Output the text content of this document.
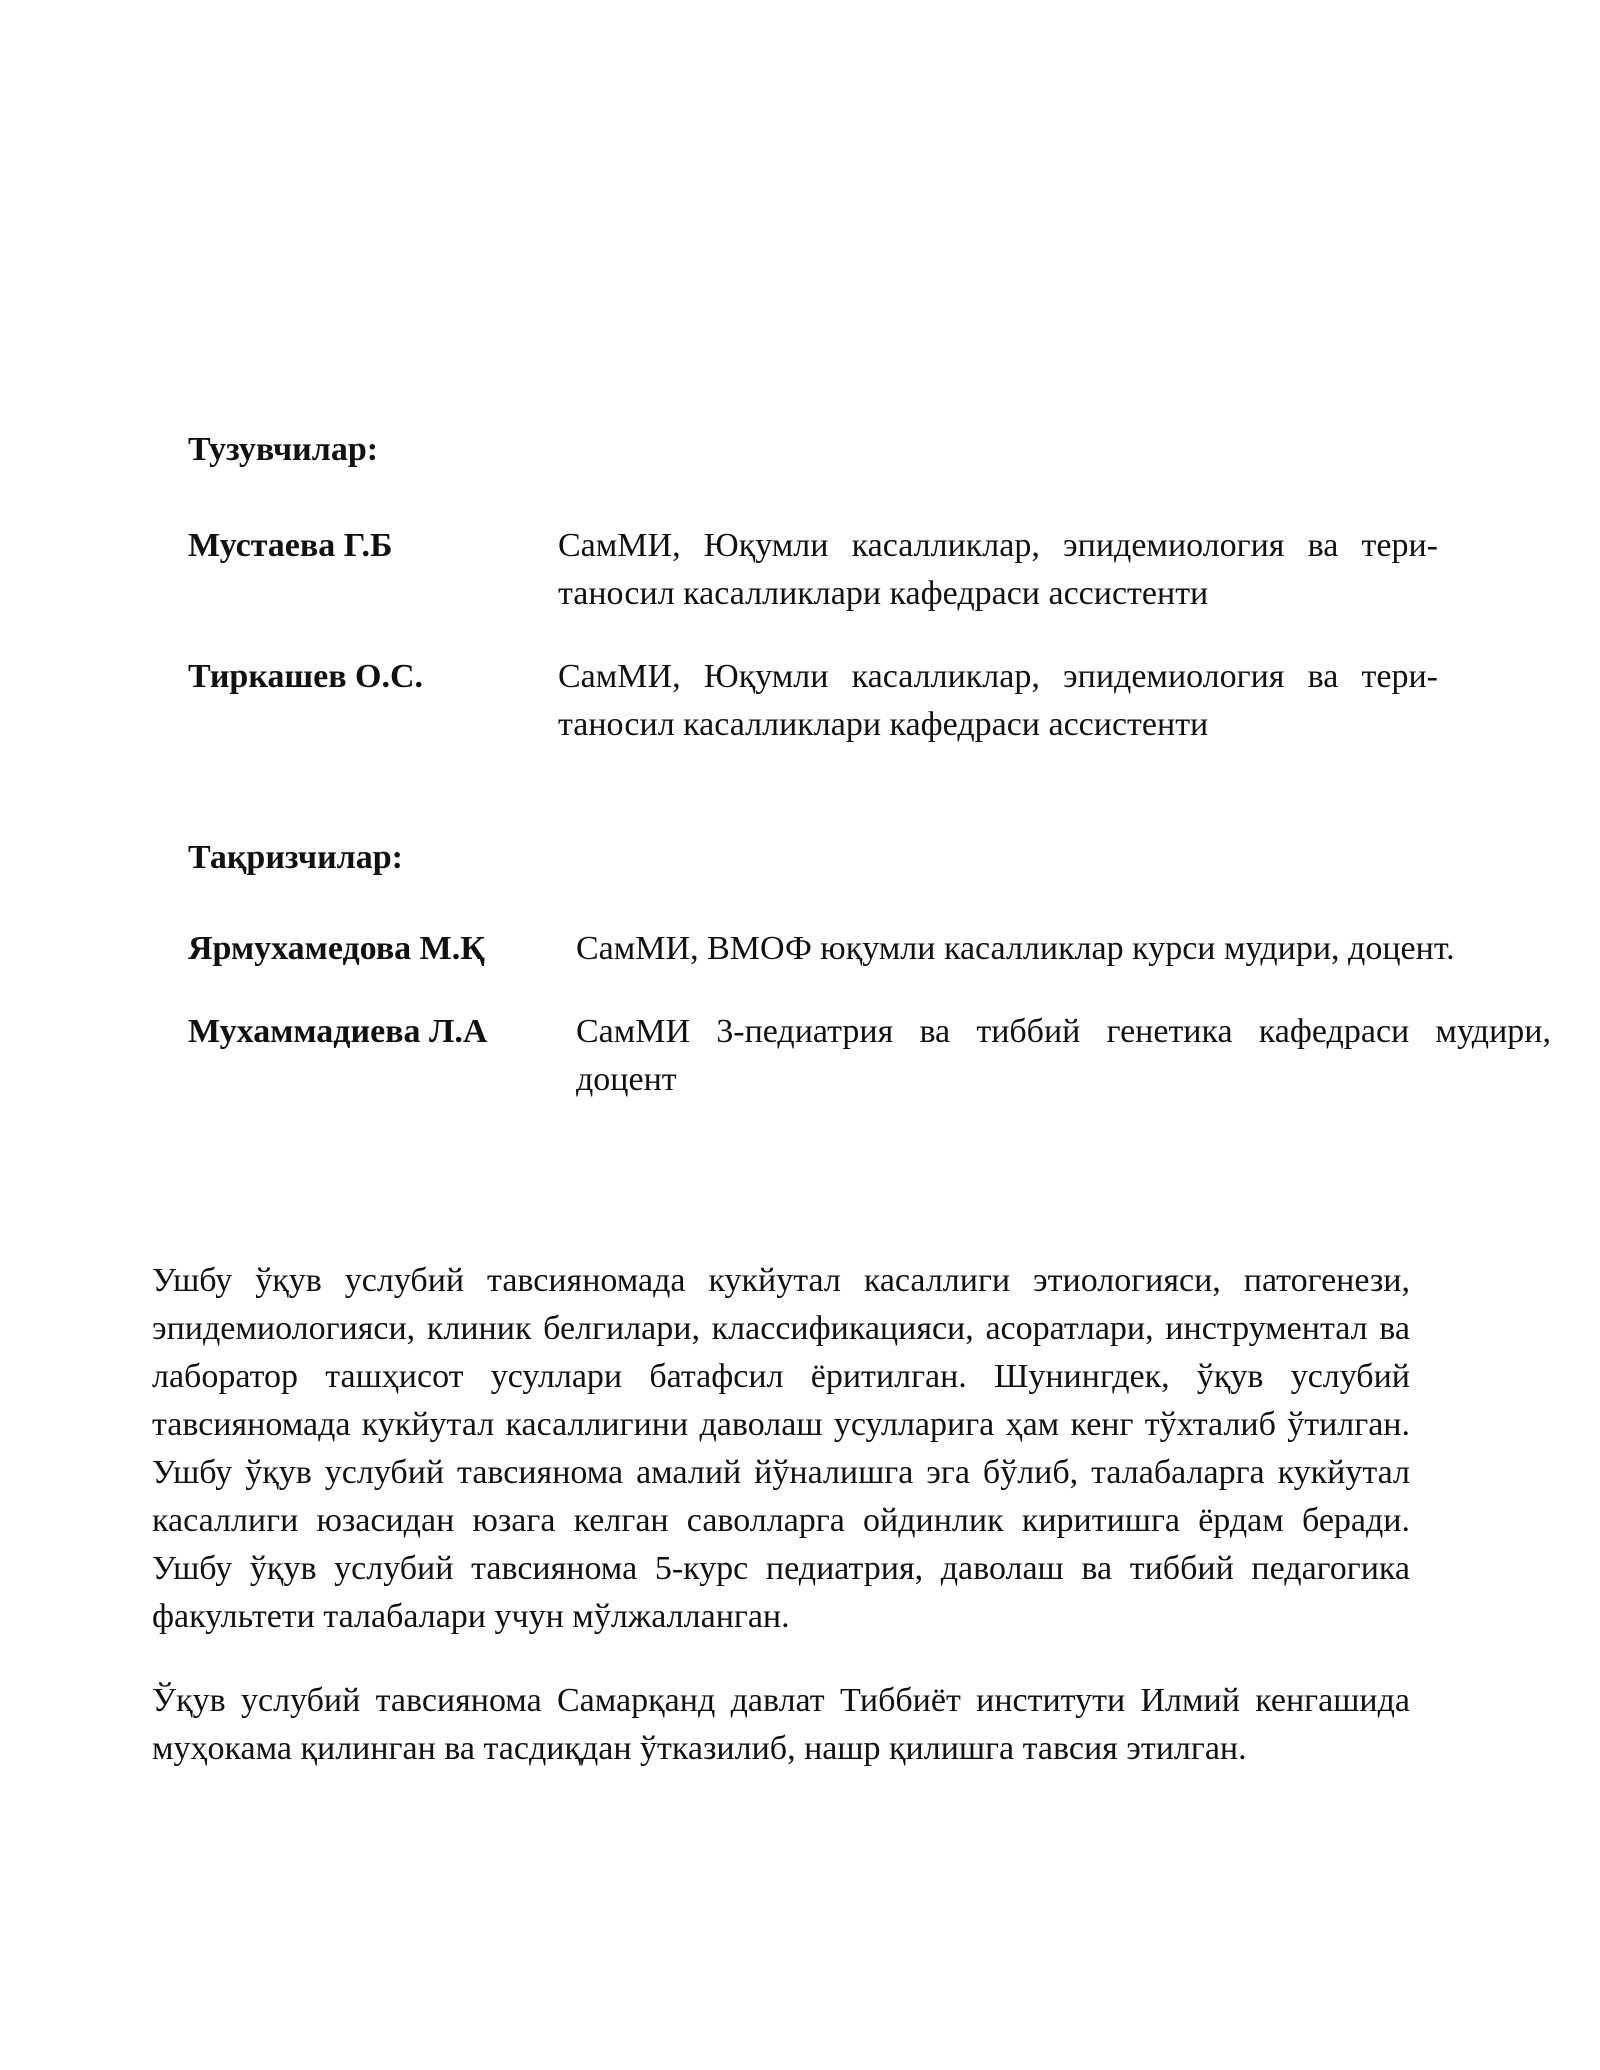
Тузувчилар:
Мустаева Г.Б	СамМИ, Юқумли касалликлар, эпидемиология ва тери-таносил касалликлари кафедраси ассистенти
Тиркашев О.С.	СамМИ, Юқумли касалликлар, эпидемиология ва тери-таносил касалликлари кафедраси ассистенти
Тақризчилар:
Ярмухамедова М.Қ	СамМИ, ВМОФ юқумли касалликлар курси мудири, доцент.
Мухаммадиева Л.А	СамМИ 3-педиатрия ва тиббий генетика кафедраси мудири, доцент

Ушбу ўқув услубий тавсияномада кукйутал касаллиги этиологияси, патогенези, эпидемиологияси, клиник белгилари, классификацияси, асоратлари, инструментал ва лаборатор ташҳисот усуллари батафсил ёритилган. Шунингдек, ўқув услубий тавсияномада кукйутал касаллигини даволаш усулларига ҳам кенг тўхталиб ўтилган. Ушбу ўқув услубий тавсиянома амалий йўналишга эга бўлиб, талабаларга кукйутал касаллиги юзасидан юзага келган саволларга ойдинлик киритишга ёрдам беради. Ушбу ўқув услубий тавсиянома 5-курс педиатрия, даволаш ва тиббий педагогика факультети талабалари учун мўлжалланган.

Ўқув услубий тавсиянома Самарқанд давлат Тиббиёт институти Илмий кенгашида муҳокама қилинган ва тасдиқдан ўтказилиб, нашр қилишга тавсия этилган.
